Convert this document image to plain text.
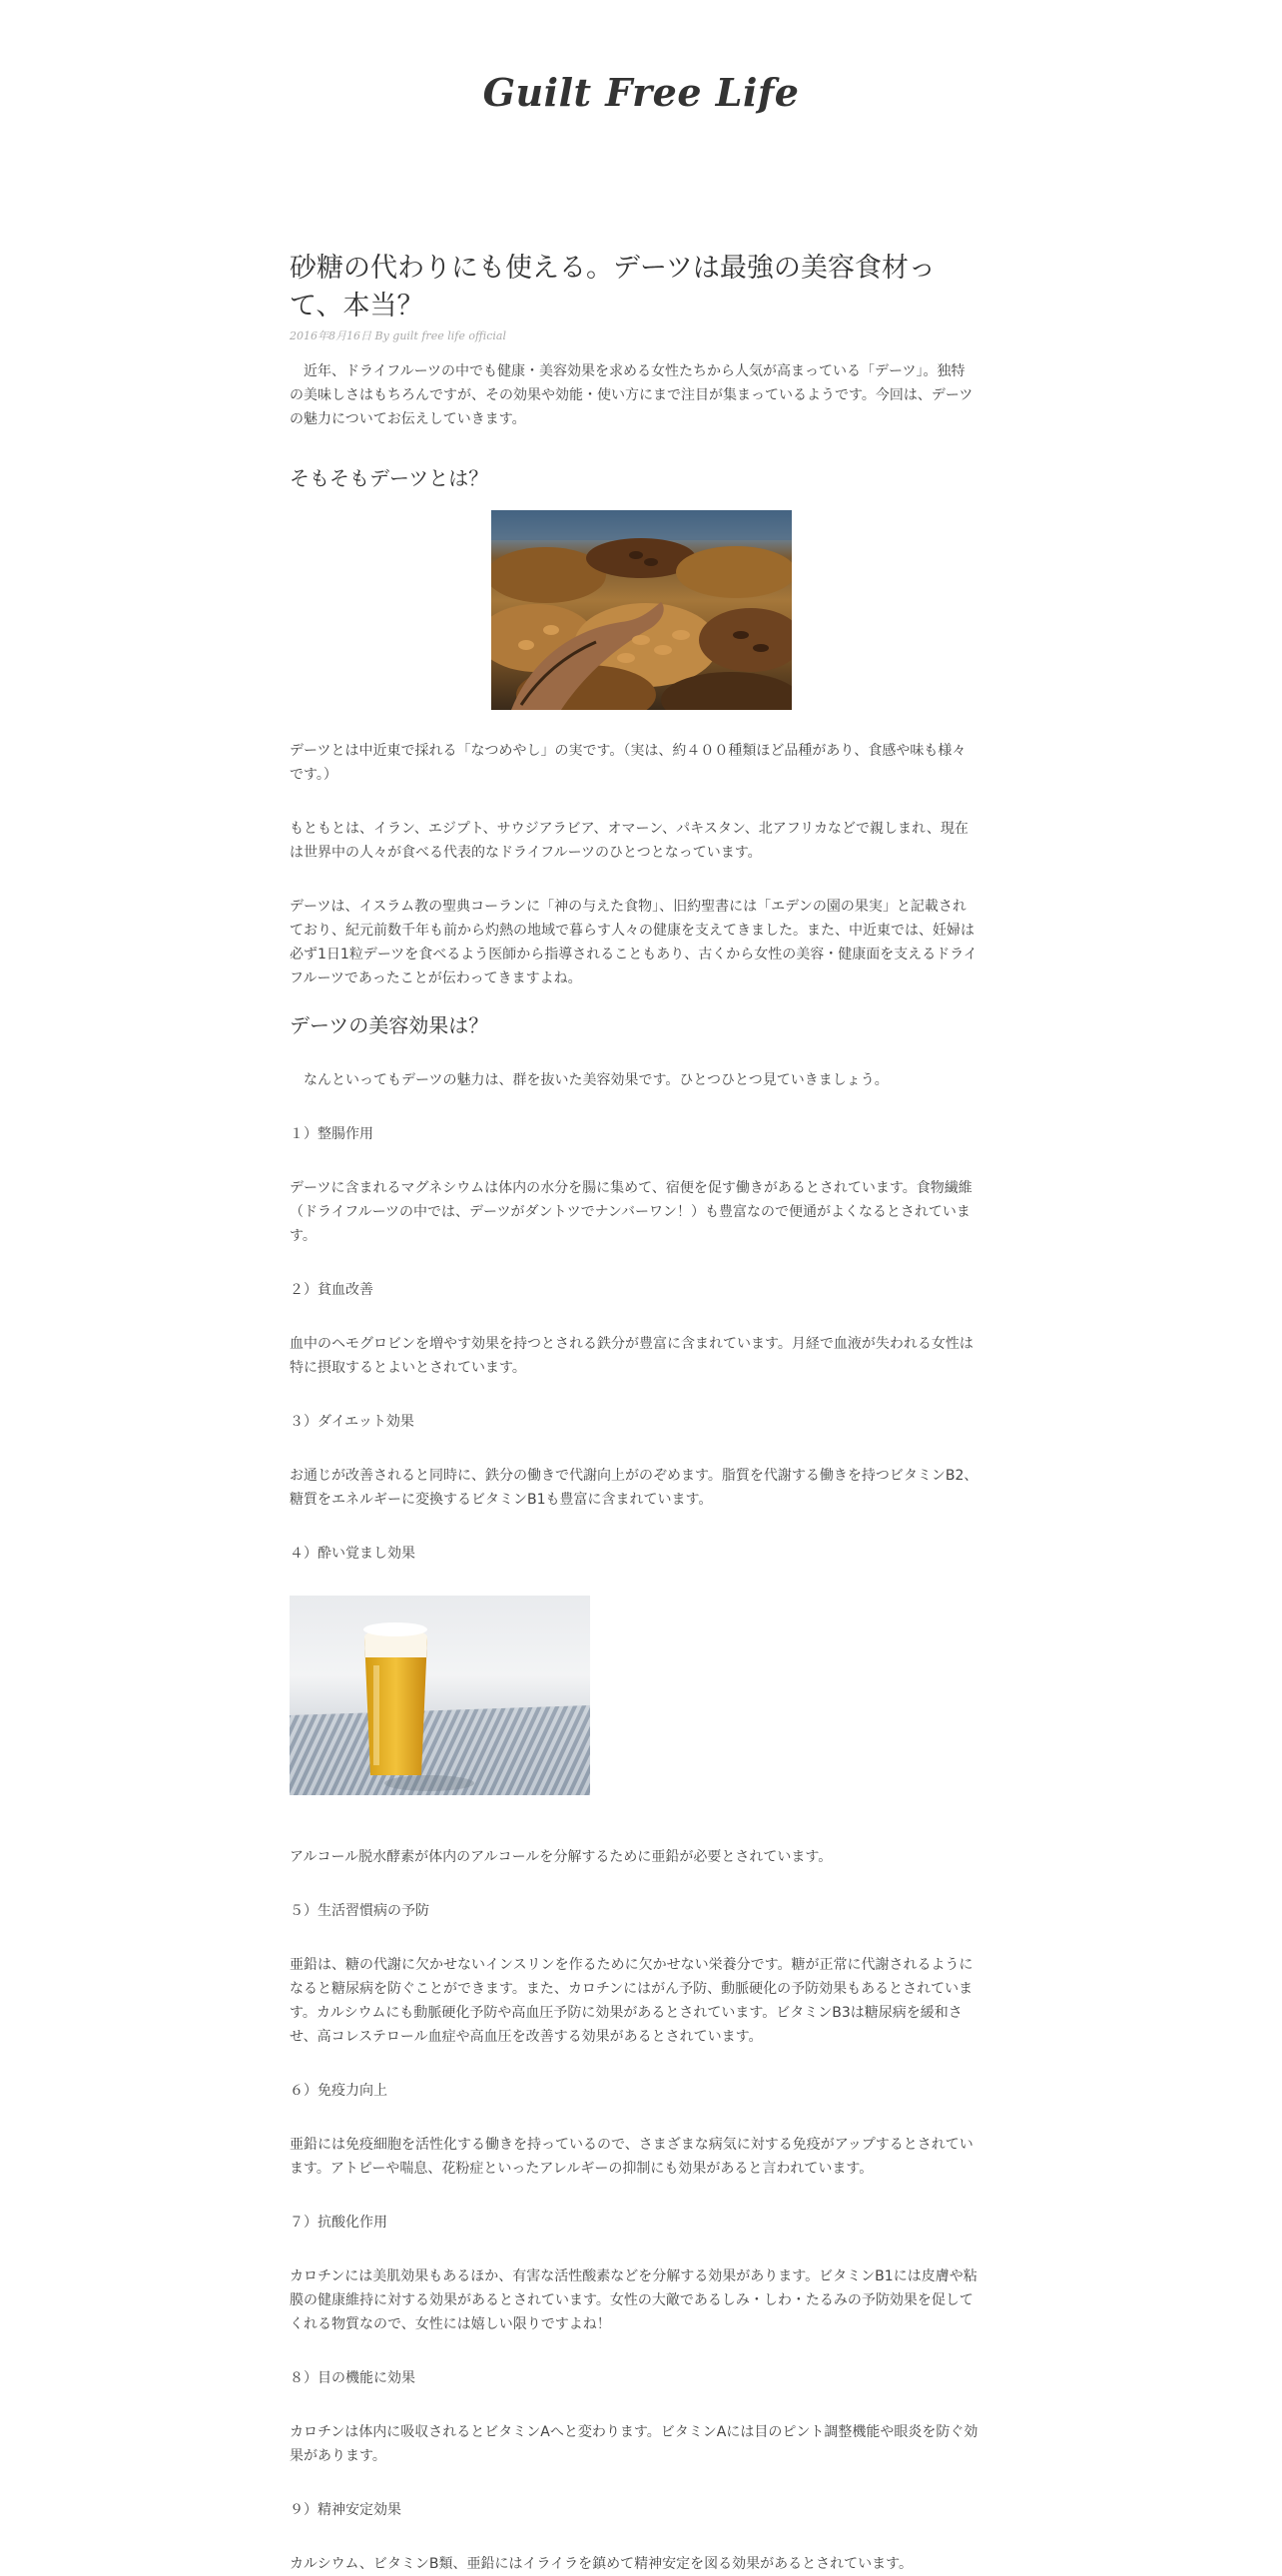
Guilt Free Life
砂糖の代わりにも使える。デーツは最強の美容食材って、本当？
2016年8月16日 By guilt free life official

　近年、ドライフルーツの中でも健康・美容効果を求める女性たちから人気が高まっている「デーツ」。独特の美味しさはもちろんですが、その効果や効能・使い方にまで注目が集まっているようです。今回は、デーツの魅力についてお伝えしていきます。

そもそもデーツとは？

デーツとは中近東で採れる「なつめやし」の実です。（実は、約４００種類ほど品種があり、食感や味も様々です。）

もともとは、イラン、エジプト、サウジアラビア、オマーン、パキスタン、北アフリカなどで親しまれ、現在は世界中の人々が食べる代表的なドライフルーツのひとつとなっています。

デーツは、イスラム教の聖典コーランに「神の与えた食物」、旧約聖書には「エデンの園の果実」と記載されており、紀元前数千年も前から灼熱の地域で暮らす人々の健康を支えてきました。また、中近東では、妊婦は必ず1日1粒デーツを食べるよう医師から指導されることもあり、古くから女性の美容・健康面を支えるドライフルーツであったことが伝わってきますよね。

デーツの美容効果は？

　なんといってもデーツの魅力は、群を抜いた美容効果です。ひとつひとつ見ていきましょう。

１）整腸作用

デーツに含まれるマグネシウムは体内の水分を腸に集めて、宿便を促す働きがあるとされています。食物繊維（ドライフルーツの中では、デーツがダントツでナンバーワン！）も豊富なので便通がよくなるとされています。

２）貧血改善

血中のヘモグロビンを増やす効果を持つとされる鉄分が豊富に含まれています。月経で血液が失われる女性は特に摂取するとよいとされています。

３）ダイエット効果

お通じが改善されると同時に、鉄分の働きで代謝向上がのぞめます。脂質を代謝する働きを持つビタミンB2、糖質をエネルギーに変換するビタミンB1も豊富に含まれています。

４）酔い覚まし効果

アルコール脱水酵素が体内のアルコールを分解するために亜鉛が必要とされています。

５）生活習慣病の予防

亜鉛は、糖の代謝に欠かせないインスリンを作るために欠かせない栄養分です。糖が正常に代謝されるようになると糖尿病を防ぐことができます。また、カロチンにはがん予防、動脈硬化の予防効果もあるとされています。カルシウムにも動脈硬化予防や高血圧予防に効果があるとされています。ビタミンB3は糖尿病を緩和させ、高コレステロール血症や高血圧を改善する効果があるとされています。

６）免疫力向上

亜鉛には免疫細胞を活性化する働きを持っているので、さまざまな病気に対する免疫がアップするとされています。アトピーや喘息、花粉症といったアレルギーの抑制にも効果があると言われています。

７）抗酸化作用

カロチンには美肌効果もあるほか、有害な活性酸素などを分解する効果があります。ビタミンB1には皮膚や粘膜の健康維持に対する効果があるとされています。女性の大敵であるしみ・しわ・たるみの予防効果を促してくれる物質なので、女性には嬉しい限りですよね！

８）目の機能に効果

カロチンは体内に吸収されるとビタミンAへと変わります。ビタミンAには目のピント調整機能や眼炎を防ぐ効果があります。

９）精神安定効果

カルシウム、ビタミンB類、亜鉛にはイライラを鎮めて精神安定を図る効果があるとされています。
